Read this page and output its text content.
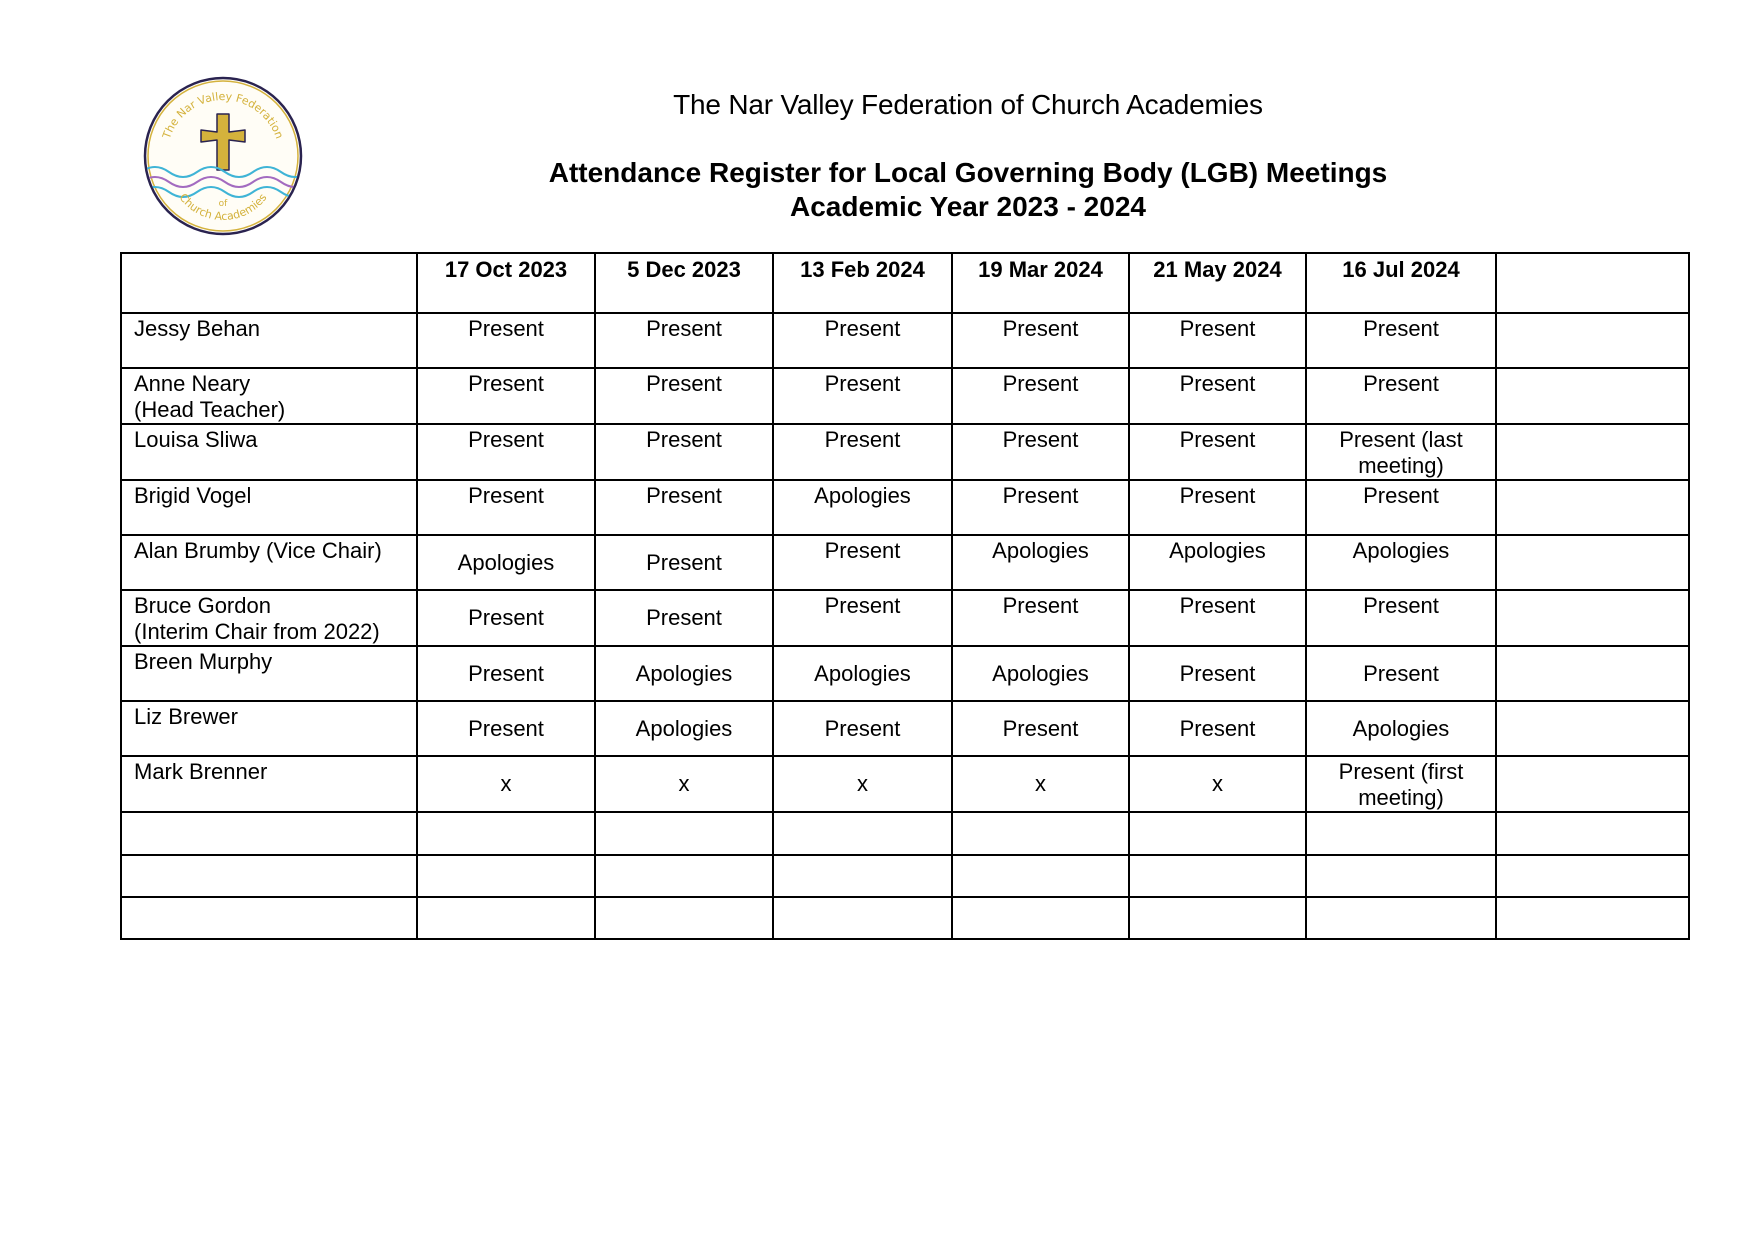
The Nar Valley Federation
of
Church Academies
The Nar Valley Federation of Church Academies
Attendance Register for Local Governing Body (LGB) Meetings
Academic Year 2023 - 2024
	17 Oct 2023	5 Dec 2023	13 Feb 2024	19 Mar 2024	21 May 2024	16 Jul 2024	

Jessy Behan	Present	Present	Present	Present	Present	Present	

Anne Neary
(Head Teacher)	Present	Present	Present	Present	Present	Present	

Louisa Sliwa	Present	Present	Present	Present	Present	Present (last meeting)	

Brigid Vogel	Present	Present	Apologies	Present	Present	Present	

Alan Brumby (Vice Chair)	Apologies	Present	Present	Apologies	Apologies	Apologies	

Bruce Gordon
(Interim Chair from 2022)	Present	Present	Present	Present	Present	Present	

Breen Murphy	Present	Apologies	Apologies	Apologies	Present	Present	

Liz Brewer	Present	Apologies	Present	Present	Present	Apologies	

Mark Brenner	x	x	x	x	x	Present (first meeting)	
